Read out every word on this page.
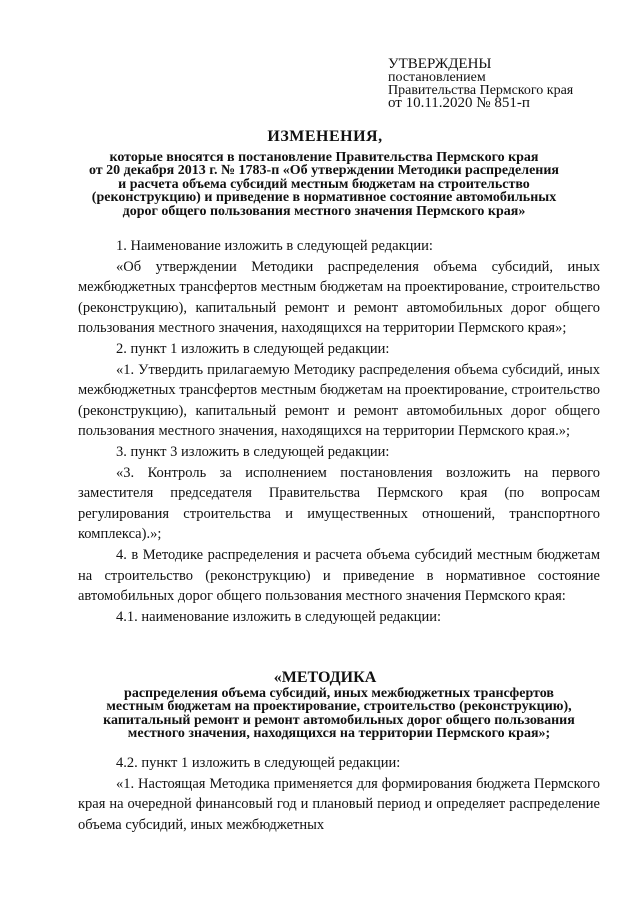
УТВЕРЖДЕНЫ
постановлением
Правительства Пермского края
от 10.11.2020 № 851-п
ИЗМЕНЕНИЯ,
которые вносятся в постановление Правительства Пермского края
от 20 декабря 2013 г. № 1783-п «Об утверждении Методики распределения
и расчета объема субсидий местным бюджетам на строительство
(реконструкцию) и приведение в нормативное состояние автомобильных
дорог общего пользования местного значения Пермского края»

1. Наименование изложить в следующей редакции:

«Об утверждении Методики распределения объема субсидий, иных межбюджетных трансфертов местным бюджетам на проектирование, строительство (реконструкцию), капитальный ремонт и ремонт автомобильных дорог общего пользования местного значения, находящихся на территории Пермского края»;

2. пункт 1 изложить в следующей редакции:

«1. Утвердить прилагаемую Методику распределения объема субсидий, иных межбюджетных трансфертов местным бюджетам на проектирование, строительство (реконструкцию), капитальный ремонт и ремонт автомобильных дорог общего пользования местного значения, находящихся на территории Пермского края.»;

3. пункт 3 изложить в следующей редакции:

«3. Контроль за исполнением постановления возложить на первого заместителя председателя Правительства Пермского края (по вопросам регулирования строительства и имущественных отношений, транспортного комплекса).»;

4. в Методике распределения и расчета объема субсидий местным бюджетам на строительство (реконструкцию) и приведение в нормативное состояние автомобильных дорог общего пользования местного значения Пермского края:

4.1. наименование изложить в следующей редакции:

«МЕТОДИКА
распределения объема субсидий, иных межбюджетных трансфертов
местным бюджетам на проектирование, строительство (реконструкцию),
капитальный ремонт и ремонт автомобильных дорог общего пользования
местного значения, находящихся на территории Пермского края»;

4.2. пункт 1 изложить в следующей редакции:

«1. Настоящая Методика применяется для формирования бюджета Пермского края на очередной финансовый год и плановый период и определяет распределение объема субсидий, иных межбюджетных
